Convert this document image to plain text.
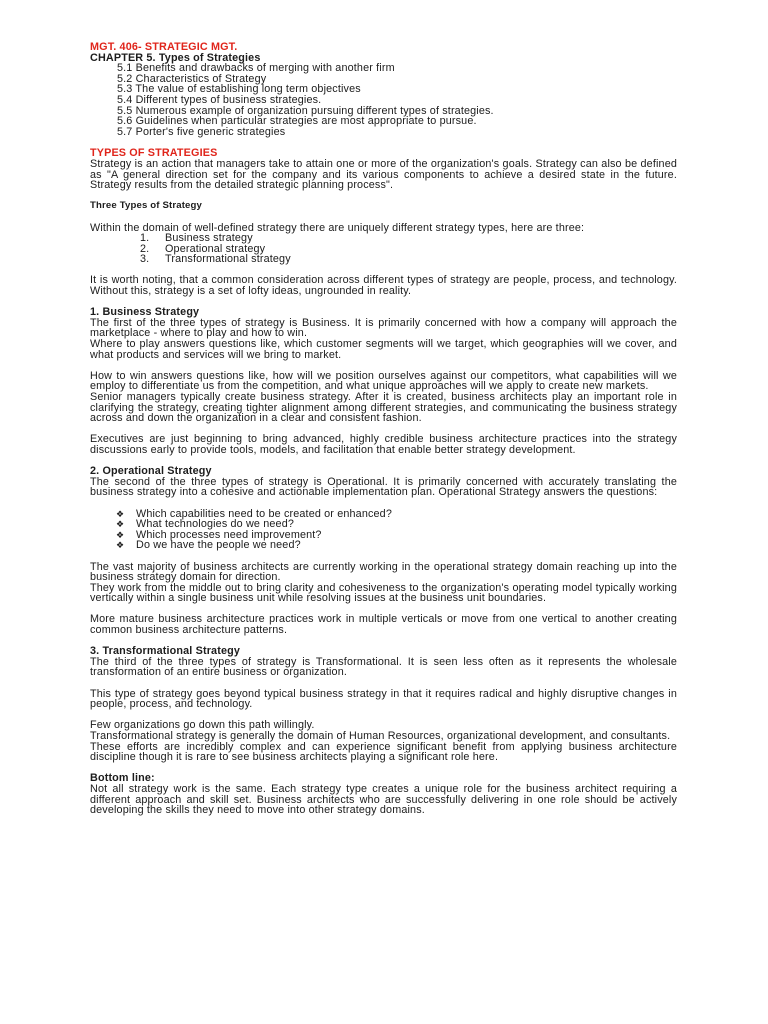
MGT. 406- STRATEGIC MGT.
CHAPTER 5. Types of Strategies
5.1 Benefits and drawbacks of merging with another firm
5.2 Characteristics of Strategy
5.3 The value of establishing long term objectives
5.4 Different types of business strategies.
5.5 Numerous example of organization pursuing different types of strategies.
5.6 Guidelines when particular strategies are most appropriate to pursue.
5.7 Porter's five generic strategies
TYPES OF STRATEGIES

Strategy is an action that managers take to attain one or more of the organization's goals. Strategy can also be defined as "A general direction set for the company and its various components to achieve a desired state in the future. Strategy results from the detailed strategic planning process".

Three Types of Strategy

Within the domain of well-defined strategy there are uniquely different strategy types, here are three:

1. Business strategy
2. Operational strategy
3. Transformational strategy

It is worth noting, that a common consideration across different types of strategy are people, process, and technology. Without this, strategy is a set of lofty ideas, ungrounded in reality.

1. Business Strategy

The first of the three types of strategy is Business. It is primarily concerned with how a company will approach the marketplace - where to play and how to win.

Where to play answers questions like, which customer segments will we target, which geographies will we cover, and what products and services will we bring to market.

How to win answers questions like, how will we position ourselves against our competitors, what capabilities will we employ to differentiate us from the competition, and what unique approaches will we apply to create new markets.

Senior managers typically create business strategy. After it is created, business architects play an important role in clarifying the strategy, creating tighter alignment among different strategies, and communicating the business strategy across and down the organization in a clear and consistent fashion.

Executives are just beginning to bring advanced, highly credible business architecture practices into the strategy discussions early to provide tools, models, and facilitation that enable better strategy development.

2. Operational Strategy

The second of the three types of strategy is Operational. It is primarily concerned with accurately translating the business strategy into a cohesive and actionable implementation plan. Operational Strategy answers the questions:

❖ Which capabilities need to be created or enhanced?
❖ What technologies do we need?
❖ Which processes need improvement?
❖ Do we have the people we need?

The vast majority of business architects are currently working in the operational strategy domain reaching up into the business strategy domain for direction.

They work from the middle out to bring clarity and cohesiveness to the organization's operating model typically working vertically within a single business unit while resolving issues at the business unit boundaries.

More mature business architecture practices work in multiple verticals or move from one vertical to another creating common business architecture patterns.

3. Transformational Strategy

The third of the three types of strategy is Transformational. It is seen less often as it represents the wholesale transformation of an entire business or organization.

This type of strategy goes beyond typical business strategy in that it requires radical and highly disruptive changes in people, process, and technology.

Few organizations go down this path willingly.

Transformational strategy is generally the domain of Human Resources, organizational development, and consultants.

These efforts are incredibly complex and can experience significant benefit from applying business architecture discipline though it is rare to see business architects playing a significant role here.

Bottom line:

Not all strategy work is the same. Each strategy type creates a unique role for the business architect requiring a different approach and skill set. Business architects who are successfully delivering in one role should be actively developing the skills they need to move into other strategy domains.
